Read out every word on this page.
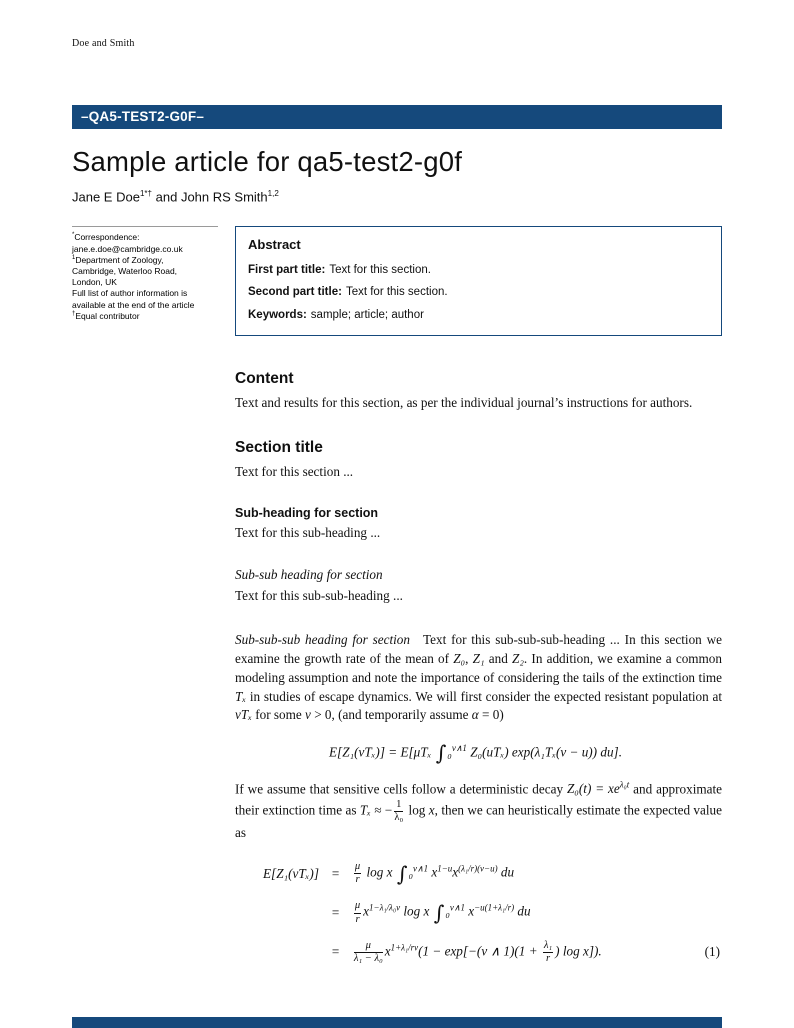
Doe and Smith
–QA5-TEST2-G0F–
Sample article for qa5-test2-g0f
Jane E Doe$^{1*\dagger}$ and John RS Smith$^{1,2}$
*Correspondence:
jane.e.doe@cambridge.co.uk
$^1$Department of Zoology,
Cambridge, Waterloo Road,
London, UK
Full list of author information is
available at the end of the article
†Equal contributor
Abstract

First part title: Text for this section.

Second part title: Text for this section.

Keywords: sample; article; author

Content

Text and results for this section, as per the individual journal’s instructions for authors.

Section title

Text for this section ...

Sub-heading for section

Text for this sub-heading ...

Sub-sub heading for section

Text for this sub-sub-heading ...

Sub-sub-sub heading for section Text for this sub-sub-sub-heading ... In this section we examine the growth rate of the mean of Z₀, Z₁ and Z₂. In addition, we examine a common modeling assumption and note the importance of considering the tails of the extinction time Tₓ in studies of escape dynamics. We will first consider the expected resistant population at vTₓ for some v > 0, (and temporarily assume α = 0)

E[Z₁(vTₓ)] = E[μTₓ ∫₀$^{v\wedge 1}$ Z₀(uTₓ) exp(λ₁Tₓ(v − u)) du].

If we assume that sensitive cells follow a deterministic decay $Z_0(t) = xe^{\lambda_0t}$ and approximate their extinction time as Tₓ ≈ − $\frac{1}{\text{λ₀}}$ log x, then we can heuristically estimate the expected value as

E[Z₁(vTₓ)] =	$\frac{\mu}{r}$ log x ∫₀$^{v\wedge 1}$ $x^{1-u}x^{(\lambda_1/r)(v-u)}$ du
=	$\frac{\mu}{r} x^{1-\lambda_1/\lambda_0v}$ log x ∫₀$^{v\wedge 1}$ $x^{-u(1+\lambda_1/r)}$ du
=	$\frac{\mu}{\text{λ₁ − λ₀}} x^{1+\lambda_1/rv}(1 - \exp[-(v$ ∧ $1)(1 + \frac{\text{λ₁}}{r}$ ) log x]).	(1)
